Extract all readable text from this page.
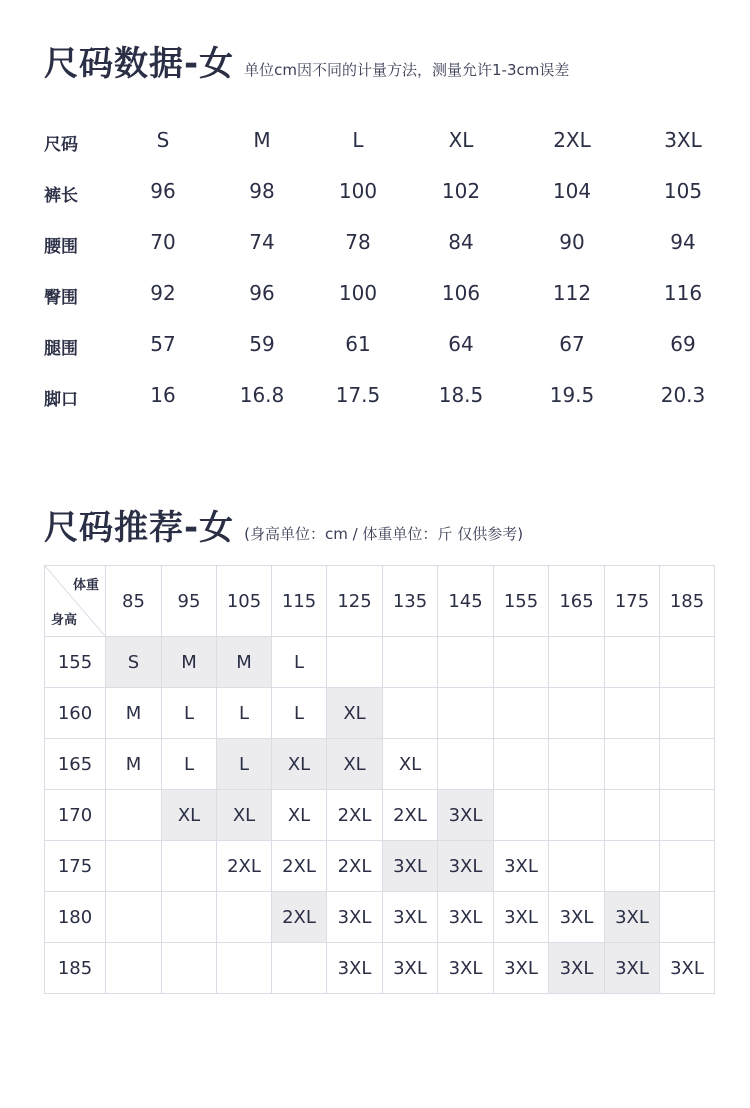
尺码数据-女 单位cm因不同的计量方法，测量允许1-3cm误差
尺码	S	M	L	XL	2XL	3XL
裤长	96	98	100	102	104	105
腰围	70	74	78	84	90	94
臀围	92	96	100	106	112	116
腿围	57	59	61	64	67	69
脚口	16	16.8	17.5	18.5	19.5	20.3
尺码推荐-女 (身高单位：cm / 体重单位：斤 仅供参考)
体重
身高	85	95	105	115	125	135	145	155	165	175	185
155	S	M	M	L							
160	M	L	L	L	XL						
165	M	L	L	XL	XL	XL					
170		XL	XL	XL	2XL	2XL	3XL				
175			2XL	2XL	2XL	3XL	3XL	3XL			
180				2XL	3XL	3XL	3XL	3XL	3XL	3XL	
185					3XL	3XL	3XL	3XL	3XL	3XL	3XL
